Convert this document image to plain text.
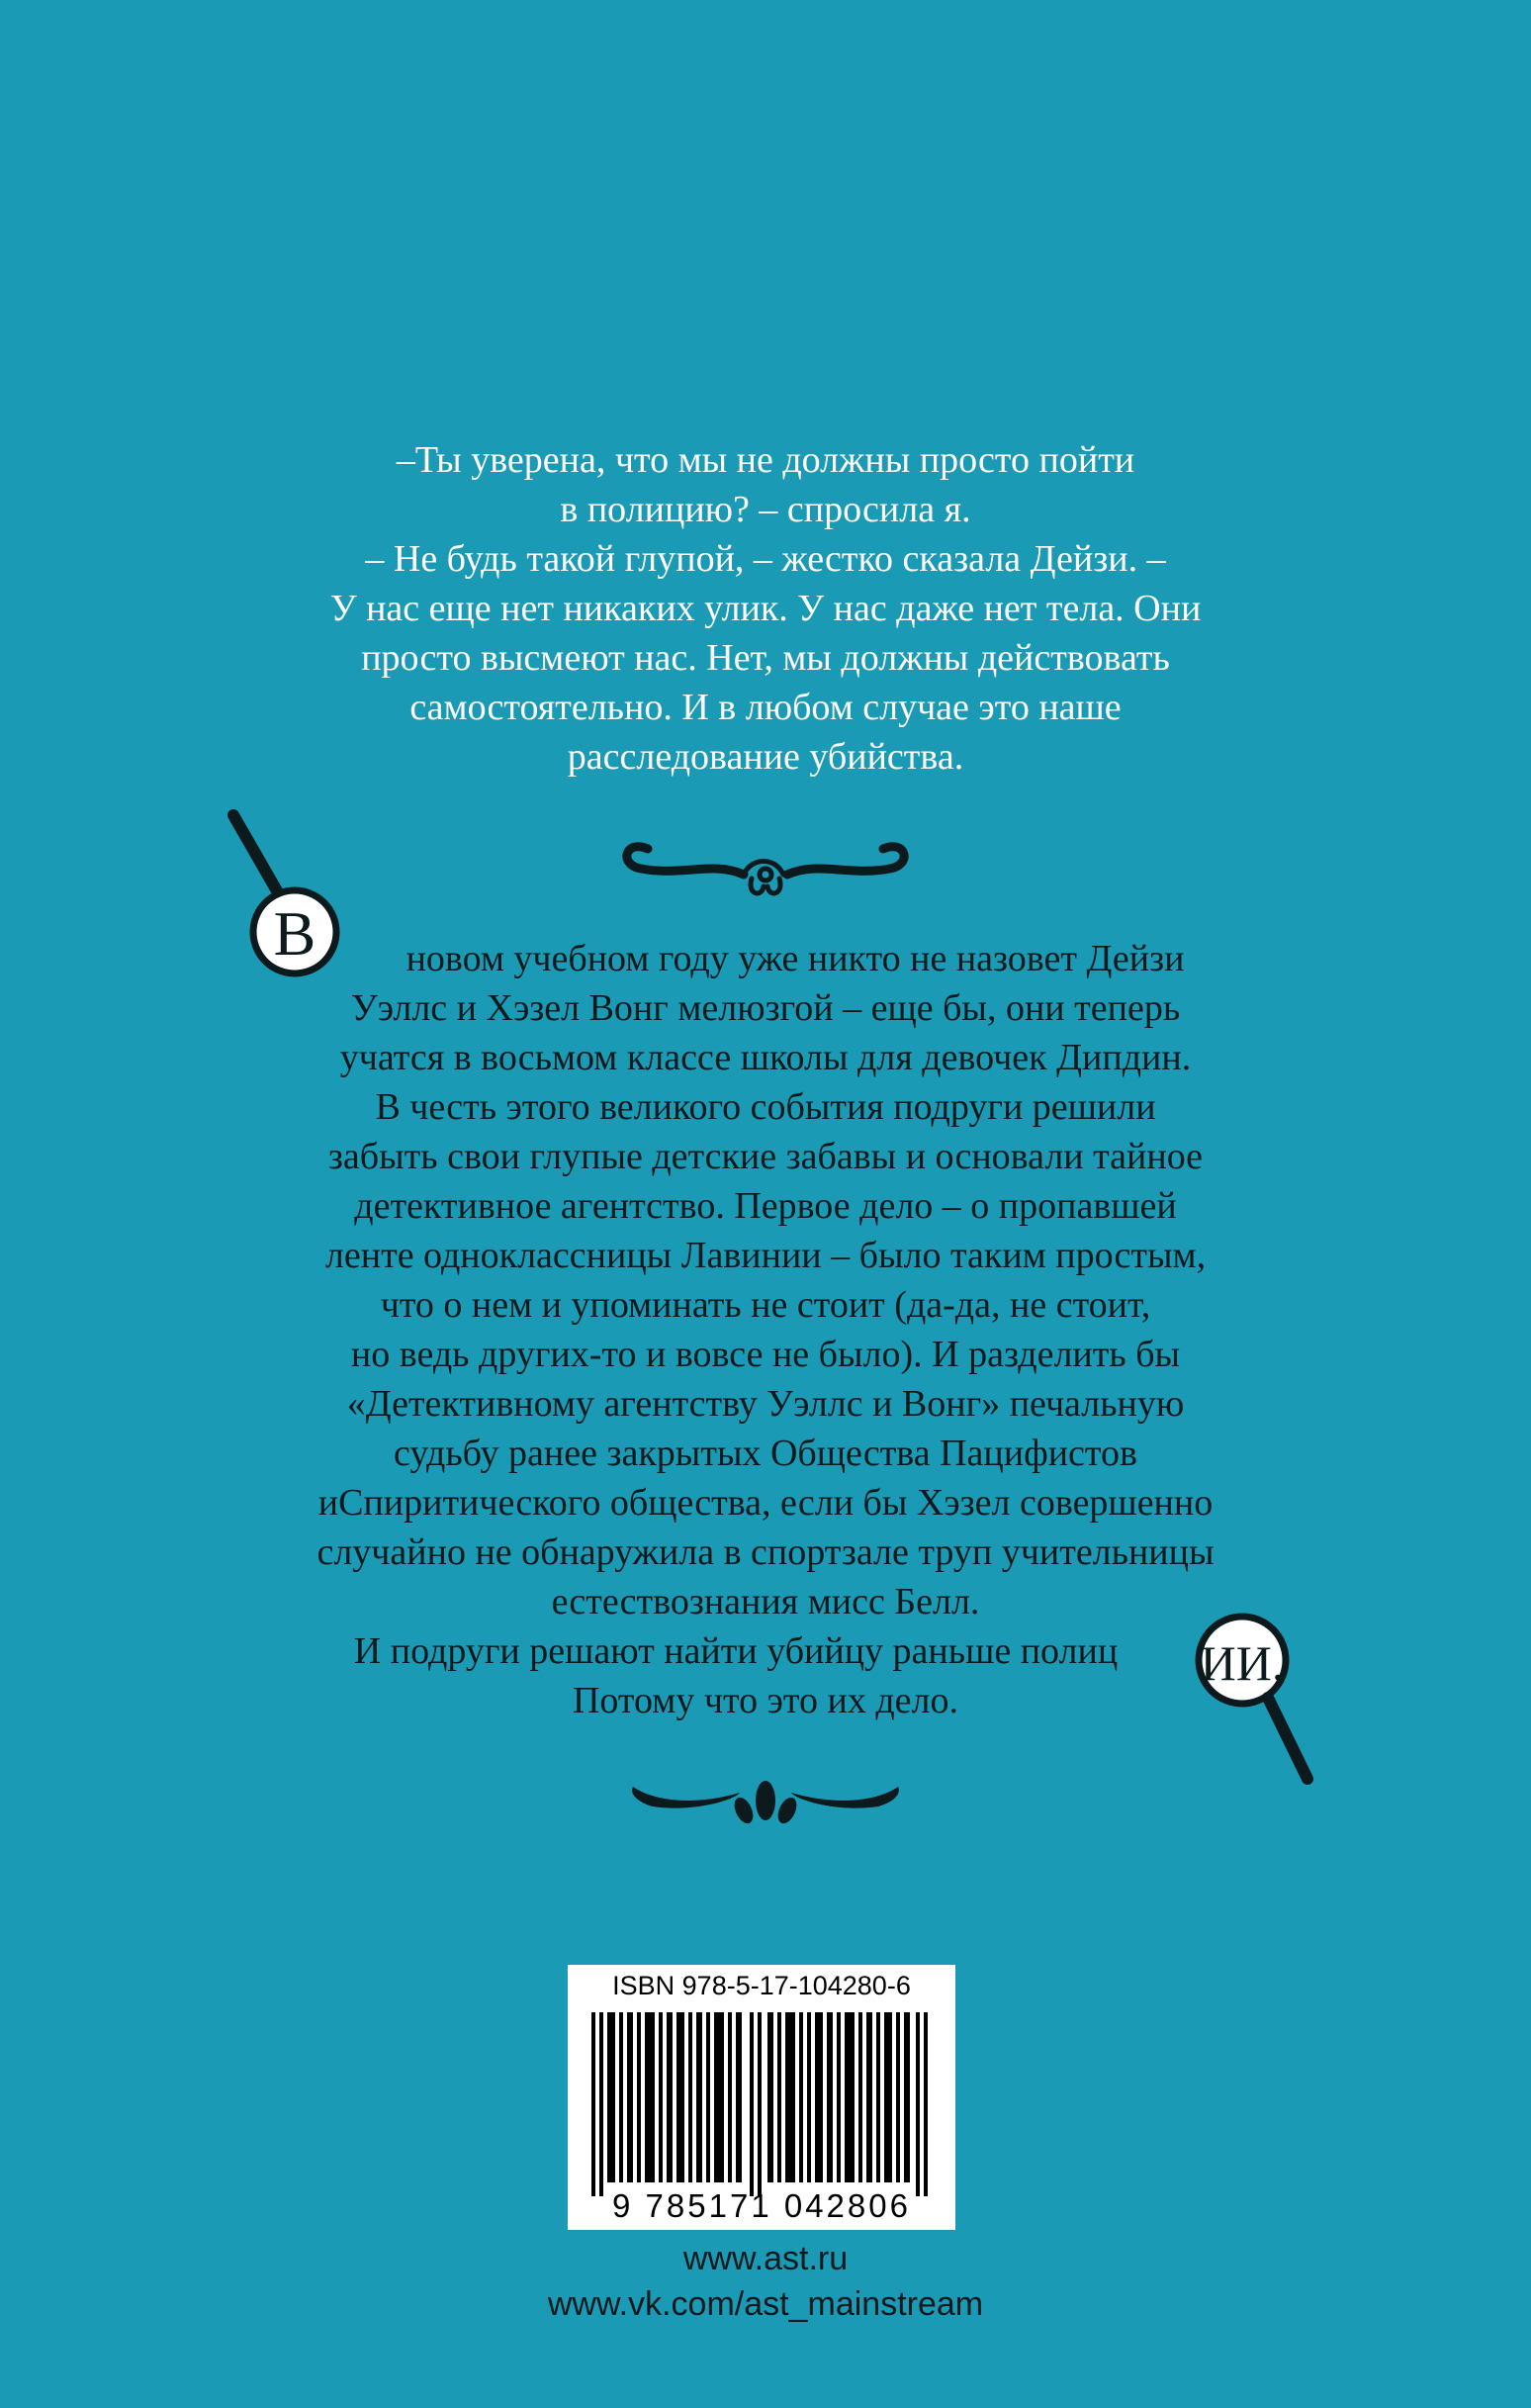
–Ты уверена, что мы не должны просто пойти
в полицию? – спросила я.
– Не будь такой глупой, – жестко сказала Дейзи. –
У нас еще нет никаких улик. У нас даже нет тела. Они
просто высмеют нас. Нет, мы должны действовать
самостоятельно. И в любом случае это наше
расследование убийства.
В	новом учебном году уже никто не назовет Дейзи
Уэллс и Хэзел Вонг мелюзгой – еще бы, они теперь
учатся в восьмом классе школы для девочек Дипдин.
В честь этого великого события подруги решили
забыть свои глупые детские забавы и основали тайное
детективное агентство. Первое дело – о пропавшей
ленте одноклассницы Лавинии – было таким простым,
что о нем и упоминать не стоит (да-да, не стоит,
но ведь других-то и вовсе не было). И разделить бы
«Детективному агентству Уэллс и Вонг» печальную
судьбу ранее закрытых Общества Пацифистов
иСпиритического общества, если бы Хэзел совершенно
случайно не обнаружила в спортзале труп учительницы
естествознания мисс Белл.
И подруги решают найти убийцу раньше полиц
Потому что это их дело.
ИИ.
ISBN 978-5-17-104280-6
9 785171 042806
www.ast.ru
www.vk.com/ast_mainstream
